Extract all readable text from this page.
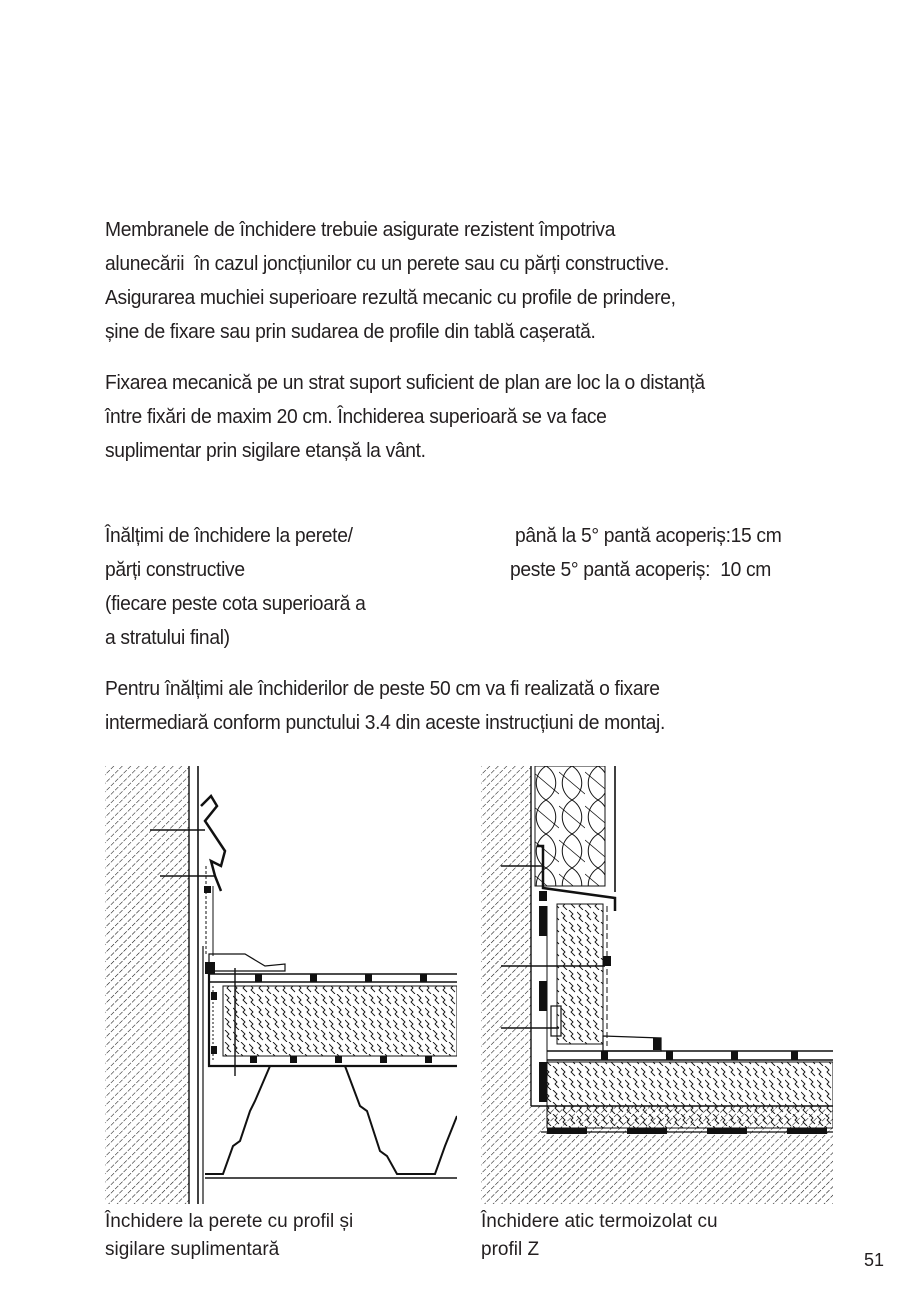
Membranele de închidere trebuie asigurate rezistent împotriva
alunecării  în cazul joncțiunilor cu un perete sau cu părți constructive.
Asigurarea muchiei superioare rezultă mecanic cu profile de prindere,
șine de fixare sau prin sudarea de profile din tablă cașerată.
Fixarea mecanică pe un strat suport suficient de plan are loc la o distanță
între fixări de maxim 20 cm. Închiderea superioară se va face
suplimentar prin sigilare etanșă la vânt.
Înălțimi de închidere la perete/
părți constructive
(fiecare peste cota superioară a
a stratului final)
până la 5° pantă acoperiș:15 cm
peste 5° pantă acoperiș:  10 cm
Pentru înălțimi ale închiderilor de peste 50 cm va fi realizată o fixare
intermediară conform punctului 3.4 din aceste instrucțiuni de montaj.
Închidere la perete cu profil și
sigilare suplimentară
Închidere atic termoizolat cu
profil Z	51
